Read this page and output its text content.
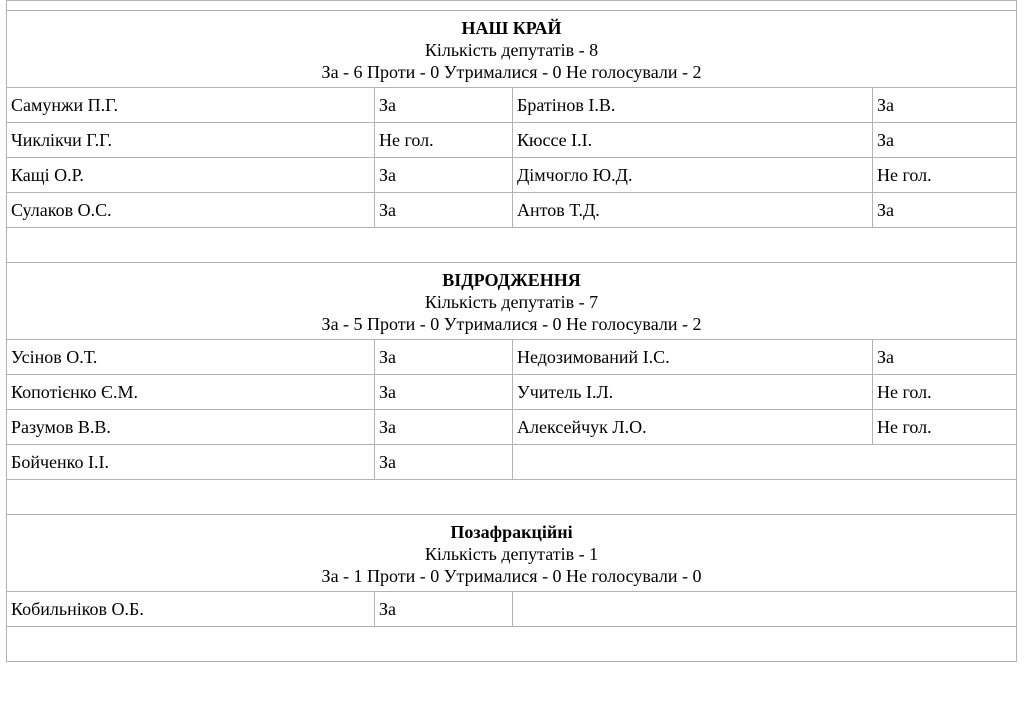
НАШ КРАЙ
Кількість депутатів - 8
За - 6 Проти - 0 Утрималися - 0 Не голосували - 2			

Самунжи П.Г.	За	Братінов І.В.	За
Чиклікчи Г.Г.	Не гол.	Кюссе І.І.	За
Кащі О.Р.	За	Дімчогло Ю.Д.	Не гол.
Сулаков О.С.	За	Антов Т.Д.	За

ВІДРОДЖЕННЯ
Кількість депутатів - 7
За - 5 Проти - 0 Утрималися - 0 Не голосували - 2			

Усінов О.Т.	За	Недозимований І.С.	За
Копотієнко Є.М.	За	Учитель І.Л.	Не гол.
Разумов В.В.	За	Алексейчук Л.О.	Не гол.
Бойченко І.І.	За		

Позафракційні
Кількість депутатів - 1
За - 1 Проти - 0 Утрималися - 0 Не голосували - 0			

Кобильніков О.Б.	За		
